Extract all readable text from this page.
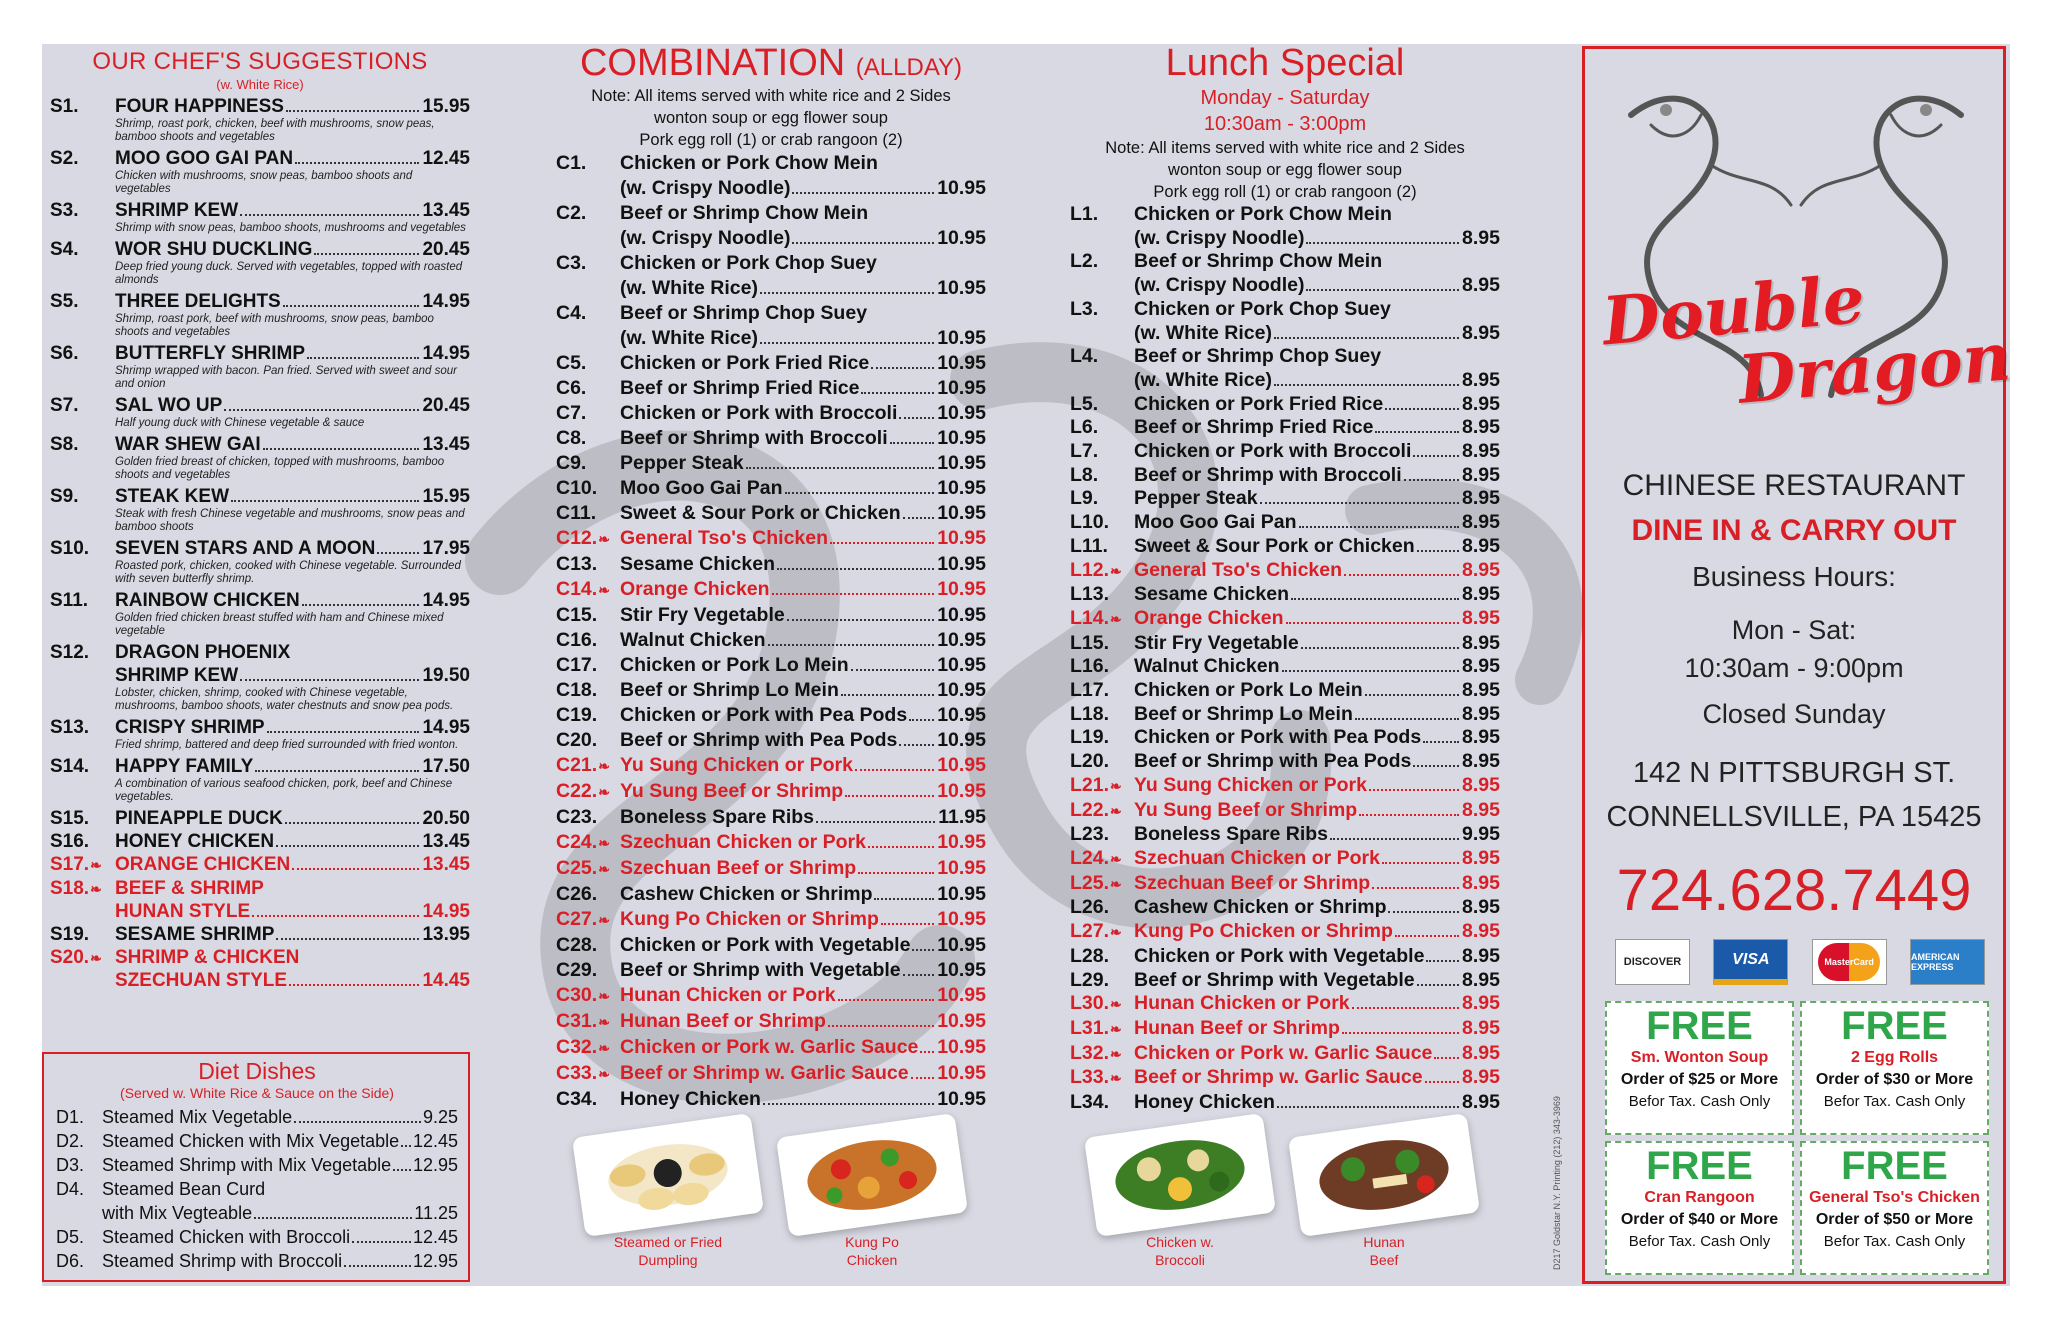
OUR CHEF'S SUGGESTIONS
(w. White Rice)
S1.	FOUR HAPPINESS	15.95
Shrimp, roast pork, chicken, beef with mushrooms, snow peas, bamboo shoots and vegetables
S2.	MOO GOO GAI PAN	12.45
Chicken with mushrooms, snow peas, bamboo shoots and vegetables
S3.	SHRIMP KEW	13.45
Shrimp with snow peas, bamboo shoots, mushrooms and vegetables
S4.	WOR SHU DUCKLING	20.45
Deep fried young duck. Served with vegetables, topped with roasted almonds
S5.	THREE DELIGHTS	14.95
Shrimp, roast pork, beef with mushrooms, snow peas, bamboo shoots and vegetables
S6.	BUTTERFLY SHRIMP	14.95
Shrimp wrapped with bacon. Pan fried. Served with sweet and sour and onion
S7.	SAL WO UP	20.45
Half young duck with Chinese vegetable & sauce
S8.	WAR SHEW GAI	13.45
Golden fried breast of chicken, topped with mushrooms, bamboo shoots and vegetables
S9.	STEAK KEW	15.95
Steak with fresh Chinese vegetable and mushrooms, snow peas and bamboo shoots
S10.	SEVEN STARS AND A MOON 17.95
Roasted pork, chicken, cooked with Chinese vegetable. Surrounded with seven butterfly shrimp.
S11.	RAINBOW CHICKEN	14.95
Golden fried chicken breast stuffed with ham and Chinese mixed vegetable
S12.	DRAGON PHOENIX
SHRIMP KEW	19.50
Lobster, chicken, shrimp, cooked with Chinese vegetable, mushrooms, bamboo shoots, water chestnuts and snow pea pods.
S13.	CRISPY SHRIMP	14.95
Fried shrimp, battered and deep fried surrounded with fried wonton.
S14.	HAPPY FAMILY	17.50
A combination of various seafood chicken, pork, beef and Chinese vegetables.
S15.	PINEAPPLE DUCK	20.50
S16.	HONEY CHICKEN	13.45
S17.❧ ORANGE CHICKEN	13.45
S18.❧ BEEF & SHRIMP
HUNAN STYLE	14.95
S19.	SESAME SHRIMP	13.95
S20.❧ SHRIMP & CHICKEN
SZECHUAN STYLE	14.45
Diet Dishes
(Served w. White Rice & Sauce on the Side)
D1. Steamed Mix Vegetable	9.25
D2. Steamed Chicken with Mix Vegetable 12.45
D3. Steamed Shrimp with Mix Vegetable 12.95
D4. Steamed Bean Curd
with Mix Vegteable	11.25
D5. Steamed Chicken with Broccoli	12.45
D6. Steamed Shrimp with Broccoli	12.95
COMBINATION (ALLDAY)
Note: All items served with white rice and 2 Sides
wonton soup or egg flower soup
Pork egg roll (1) or crab rangoon (2)
C1.	Chicken or Pork Chow Mein
(w. Crispy Noodle)	10.95
C2.	Beef or Shrimp Chow Mein
(w. Crispy Noodle)	10.95
C3.	Chicken or Pork Chop Suey
(w. White Rice)	10.95
C4.	Beef or Shrimp Chop Suey
(w. White Rice)	10.95
C5.	Chicken or Pork Fried Rice	10.95
C6.	Beef or Shrimp Fried Rice	10.95
C7.	Chicken or Pork with Broccoli 10.95
C8.	Beef or Shrimp with Broccoli	10.95
C9.	Pepper Steak	10.95
C10.	Moo Goo Gai Pan	10.95
C11.	Sweet & Sour Pork or Chicken 10.95
C12.❧ General Tso's Chicken	10.95
C13.	Sesame Chicken	10.95
C14.❧ Orange Chicken	10.95
C15.	Stir Fry Vegetable	10.95
C16.	Walnut Chicken	10.95
C17.	Chicken or Pork Lo Mein	10.95
C18.	Beef or Shrimp Lo Mein	10.95
C19.	Chicken or Pork with Pea Pods 10.95
C20.	Beef or Shrimp with Pea Pods 10.95
C21.❧ Yu Sung Chicken or Pork	10.95
C22.❧ Yu Sung Beef or Shrimp	10.95
C23.	Boneless Spare Ribs	11.95
C24.❧ Szechuan Chicken or Pork	10.95
C25.❧ Szechuan Beef or Shrimp	10.95
C26.	Cashew Chicken or Shrimp	10.95
C27.❧ Kung Po Chicken or Shrimp	10.95
C28.	Chicken or Pork with Vegetable 10.95
C29.	Beef or Shrimp with Vegetable 10.95
C30.❧ Hunan Chicken or Pork	10.95
C31.❧ Hunan Beef or Shrimp	10.95
C32.❧ Chicken or Pork w. Garlic Sauce 10.95
C33.❧ Beef or Shrimp w. Garlic Sauce 10.95
C34.	Honey Chicken	10.95
Lunch Special
Monday - Saturday
10:30am - 3:00pm
Note: All items served with white rice and 2 Sides
wonton soup or egg flower soup
Pork egg roll (1) or crab rangoon (2)
L1.	Chicken or Pork Chow Mein
(w. Crispy Noodle)	8.95
L2.	Beef or Shrimp Chow Mein
(w. Crispy Noodle)	8.95
L3.	Chicken or Pork Chop Suey
(w. White Rice)	8.95
L4.	Beef or Shrimp Chop Suey
(w. White Rice)	8.95
L5.	Chicken or Pork Fried Rice	8.95
L6.	Beef or Shrimp Fried Rice	8.95
L7.	Chicken or Pork with Broccoli	8.95
L8.	Beef or Shrimp with Broccoli	8.95
L9.	Pepper Steak	8.95
L10.	Moo Goo Gai Pan	8.95
L11.	Sweet & Sour Pork or Chicken 8.95
L12.❧ General Tso's Chicken	8.95
L13.	Sesame Chicken	8.95
L14.❧ Orange Chicken	8.95
L15.	Stir Fry Vegetable	8.95
L16.	Walnut Chicken	8.95
L17.	Chicken or Pork Lo Mein	8.95
L18.	Beef or Shrimp Lo Mein	8.95
L19.	Chicken or Pork with Pea Pods 8.95
L20.	Beef or Shrimp with Pea Pods	8.95
L21.❧ Yu Sung Chicken or Pork	8.95
L22.❧ Yu Sung Beef or Shrimp	8.95
L23.	Boneless Spare Ribs	9.95
L24.❧ Szechuan Chicken or Pork	8.95
L25.❧ Szechuan Beef or Shrimp	8.95
L26.	Cashew Chicken or Shrimp	8.95
L27.❧ Kung Po Chicken or Shrimp	8.95
L28.	Chicken or Pork with Vegetable 8.95
L29.	Beef or Shrimp with Vegetable 8.95
L30.❧ Hunan Chicken or Pork	8.95
L31.❧ Hunan Beef or Shrimp	8.95
L32.❧ Chicken or Pork w. Garlic Sauce 8.95
L33.❧ Beef or Shrimp w. Garlic Sauce 8.95
L34.	Honey Chicken	8.95
Steamed or Fried
Dumpling
Kung Po
Chicken
Chicken w.
Broccoli
Hunan
Beef
Double
Dragon
CHINESE RESTAURANT
DINE IN & CARRY OUT
Business Hours:
Mon - Sat:
10:30am - 9:00pm
Closed Sunday
142 N PITTSBURGH ST.
CONNELLSVILLE, PA 15425
724.628.7449
DISCOVER	VISA	MasterCard	AMERICAN EXPRESS
FREE
Sm. Wonton Soup
Order of $25 or More
Befor Tax. Cash Only
FREE
2 Egg Rolls
Order of $30 or More
Befor Tax. Cash Only
FREE
Cran Rangoon
Order of $40 or More
Befor Tax. Cash Only
FREE
General Tso's Chicken
Order of $50 or More
Befor Tax. Cash Only
D217 Goldstar N.Y. Printing (212) 343-3969
